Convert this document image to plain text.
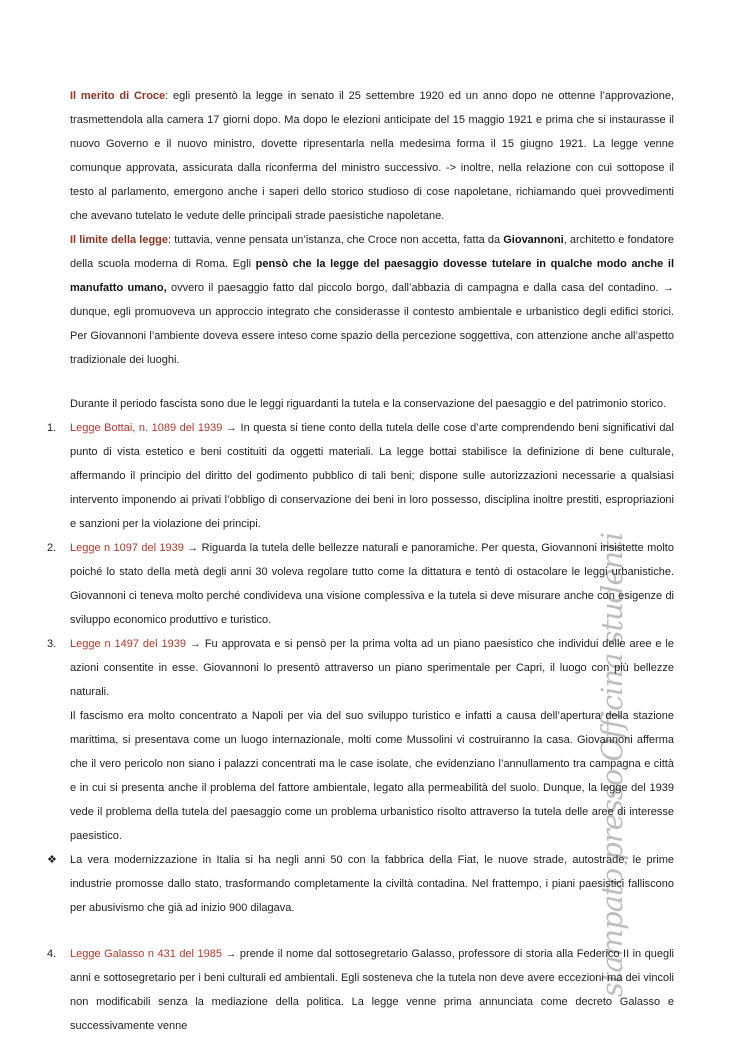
stampato presso Officina studenti

Il merito di Croce: egli presentò la legge in senato il 25 settembre 1920 ed un anno dopo ne ottenne l’approvazione, trasmettendola alla camera 17 giorni dopo. Ma dopo le elezioni anticipate del 15 maggio 1921 e prima che si instaurasse il nuovo Governo e il nuovo ministro, dovette ripresentarla nella medesima forma il 15 giugno 1921. La legge venne comunque approvata, assicurata dalla riconferma del ministro successivo. -> inoltre, nella relazione con cui sottopose il testo al parlamento, emergono anche i saperi dello storico studioso di cose napoletane, richiamando quei provvedimenti che avevano tutelato le vedute delle principali strade paesistiche napoletane.

Il limite della legge: tuttavia, venne pensata un’istanza, che Croce non accetta, fatta da Giovannoni, architetto e fondatore della scuola moderna di Roma. Egli pensò che la legge del paesaggio dovesse tutelare in qualche modo anche il manufatto umano, ovvero il paesaggio fatto dal piccolo borgo, dall’abbazia di campagna e dalla casa del contadino. → dunque, egli promuoveva un approccio integrato che considerasse il contesto ambientale e urbanistico degli edifici storici. Per Giovannoni l’ambiente doveva essere inteso come spazio della percezione soggettiva, con attenzione anche all’aspetto tradizionale dei luoghi.

Durante il periodo fascista sono due le leggi riguardanti la tutela e la conservazione del paesaggio e del patrimonio storico.

1. Legge Bottai, n. 1089 del 1939 → In questa si tiene conto della tutela delle cose d’arte comprendendo beni significativi dal punto di vista estetico e beni costituiti da oggetti materiali. La legge bottai stabilisce la definizione di bene culturale, affermando il principio del diritto del godimento pubblico di tali beni; dispone sulle autorizzazioni necessarie a qualsiasi intervento imponendo ai privati l’obbligo di conservazione dei beni in loro possesso, disciplina inoltre prestiti, espropriazioni e sanzioni per la violazione dei principi.
2. Legge n 1097 del 1939 → Riguarda la tutela delle bellezze naturali e panoramiche. Per questa, Giovannoni insistette molto poiché lo stato della metà degli anni 30 voleva regolare tutto come la dittatura e tentò di ostacolare le leggi urbanistiche. Giovannoni ci teneva molto perché condivideva una visione complessiva e la tutela si deve misurare anche con esigenze di sviluppo economico produttivo e turistico.
3. Legge n 1497 del 1939 → Fu approvata e si pensò per la prima volta ad un piano paesistico che individui delle aree e le azioni consentite in esse. Giovannoni lo presentò attraverso un piano sperimentale per Capri, il luogo con più bellezze naturali.
Il fascismo era molto concentrato a Napoli per via del suo sviluppo turistico e infatti a causa dell’apertura della stazione marittima, si presentava come un luogo internazionale, molti come Mussolini vi costruiranno la casa. Giovannoni afferma che il vero pericolo non siano i palazzi concentrati ma le case isolate, che evidenziano l’annullamento tra campagna e città e in cui si presenta anche il problema del fattore ambientale, legato alla permeabilità del suolo. Dunque, la legge del 1939 vede il problema della tutela del paesaggio come un problema urbanistico risolto attraverso la tutela delle aree di interesse paesistico.
❖ La vera modernizzazione in Italia si ha negli anni 50 con la fabbrica della Fiat, le nuove strade, autostrade, le prime industrie promosse dallo stato, trasformando completamente la civiltà contadina. Nel frattempo, i piani paesistici falliscono per abusivismo che già ad inizio 900 dilagava.
4. Legge Galasso n 431 del 1985 → prende il nome dal sottosegretario Galasso, professore di storia alla Federico II in quegli anni e sottosegretario per i beni culturali ed ambientali. Egli sosteneva che la tutela non deve avere eccezioni ma dei vincoli non modificabili senza la mediazione della politica. La legge venne prima annunciata come decreto Galasso e successivamente venne
